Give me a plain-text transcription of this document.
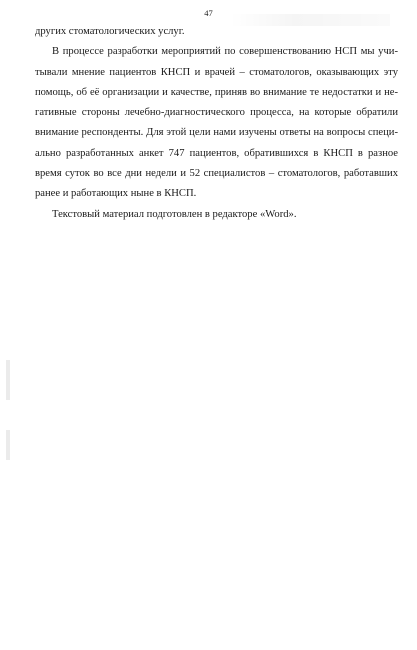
47

других стоматологических услуг.

В процессе разработки мероприятий по совершенствованию НСП мы учи-
тывали мнение пациентов КНСП и врачей – стоматологов, оказывающих эту
помощь, об её организации и качестве, приняв во внимание те недостатки и не-
гативные стороны лечебно-диагностического процесса, на которые обратили
внимание респонденты. Для этой цели нами изучены ответы на вопросы специ-
ально разработанных анкет 747 пациентов, обратившихся в КНСП в разное
время суток во все дни недели и 52 специалистов – стоматологов, работавших
ранее и работающих ныне в КНСП.

Текстовый материал подготовлен в редакторе «Word».
